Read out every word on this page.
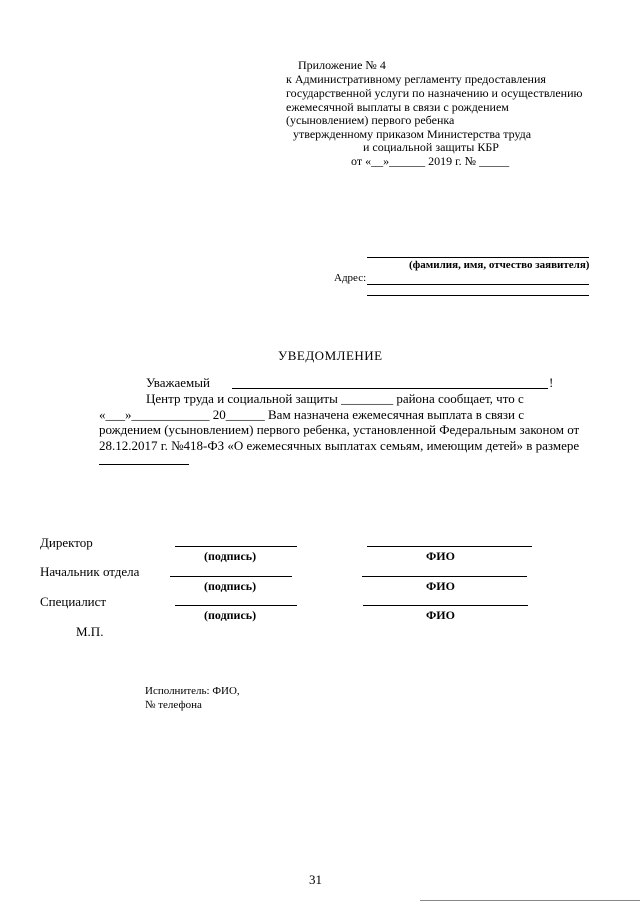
Приложение № 4
к Административному регламенту предоставления
государственной услуги по назначению и осуществлению
ежемесячной выплаты в связи с рождением
(усыновлением) первого ребенка
утвержденному приказом Министерства труда
и социальной защиты КБР
от «__»______ 2019 г. № _____
(фамилия, имя, отчество заявителя)
Адрес:
УВЕДОМЛЕНИЕ
Уважаемый	!
Центр труда и социальной защиты ________ района сообщает, что с
«___»____________ 20______ Вам назначена ежемесячная выплата в связи с
рождением (усыновлением) первого ребенка, установленной Федеральным законом от
28.12.2017 г. №418-ФЗ «О ежемесячных выплатах семьям, имеющим детей» в размере
Директор
(подпись)	ФИО
Начальник отдела
(подпись)	ФИО
Специалист
(подпись)	ФИО
М.П.
Исполнитель: ФИО,
№ телефона
31
